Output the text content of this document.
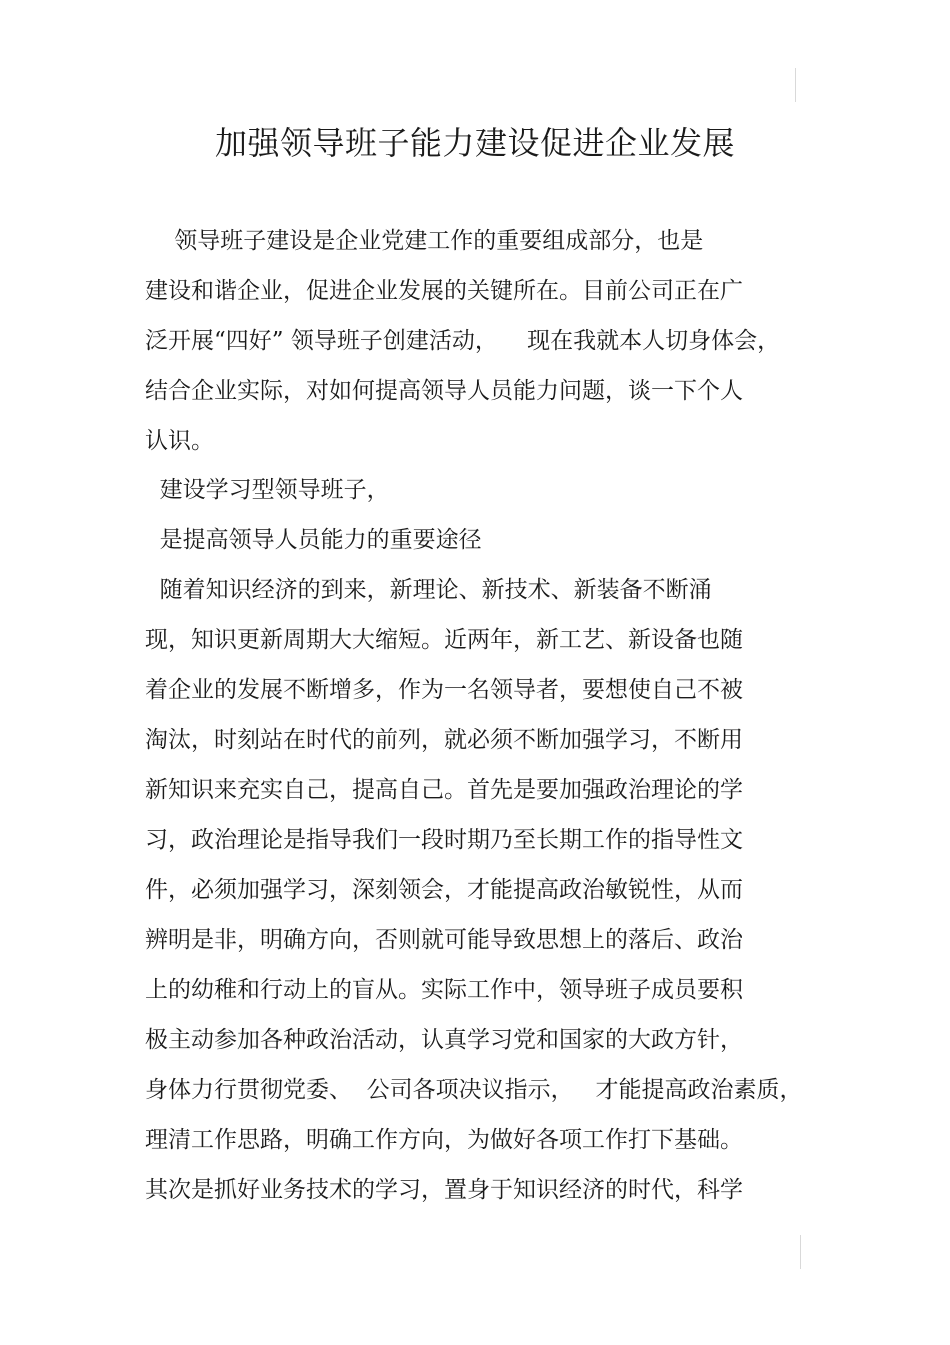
加强领导班子能力建设促进企业发展

领导班子建设是企业党建工作的重要组成部分，也是

建设和谐企业，促进企业发展的关键所在。目前公司正在广

泛开展“四好” 领导班子创建活动，    现在我就本人切身体会，

结合企业实际，对如何提高领导人员能力问题，谈一下个人

认识。

建设学习型领导班子，

是提高领导人员能力的重要途径

随着知识经济的到来，新理论、新技术、新装备不断涌

现，知识更新周期大大缩短。近两年，新工艺、新设备也随

着企业的发展不断增多，作为一名领导者，要想使自己不被

淘汰，时刻站在时代的前列，就必须不断加强学习，不断用

新知识来充实自己，提高自己。首先是要加强政治理论的学

习，政治理论是指导我们一段时期乃至长期工作的指导性文

件，必须加强学习，深刻领会，才能提高政治敏锐性，从而

辨明是非，明确方向，否则就可能导致思想上的落后、政治

上的幼稚和行动上的盲从。实际工作中，领导班子成员要积

极主动参加各种政治活动，认真学习党和国家的大政方针，

身体力行贯彻党委、  公司各项决议指示，   才能提高政治素质，

理清工作思路，明确工作方向，为做好各项工作打下基础。

其次是抓好业务技术的学习，置身于知识经济的时代，科学
